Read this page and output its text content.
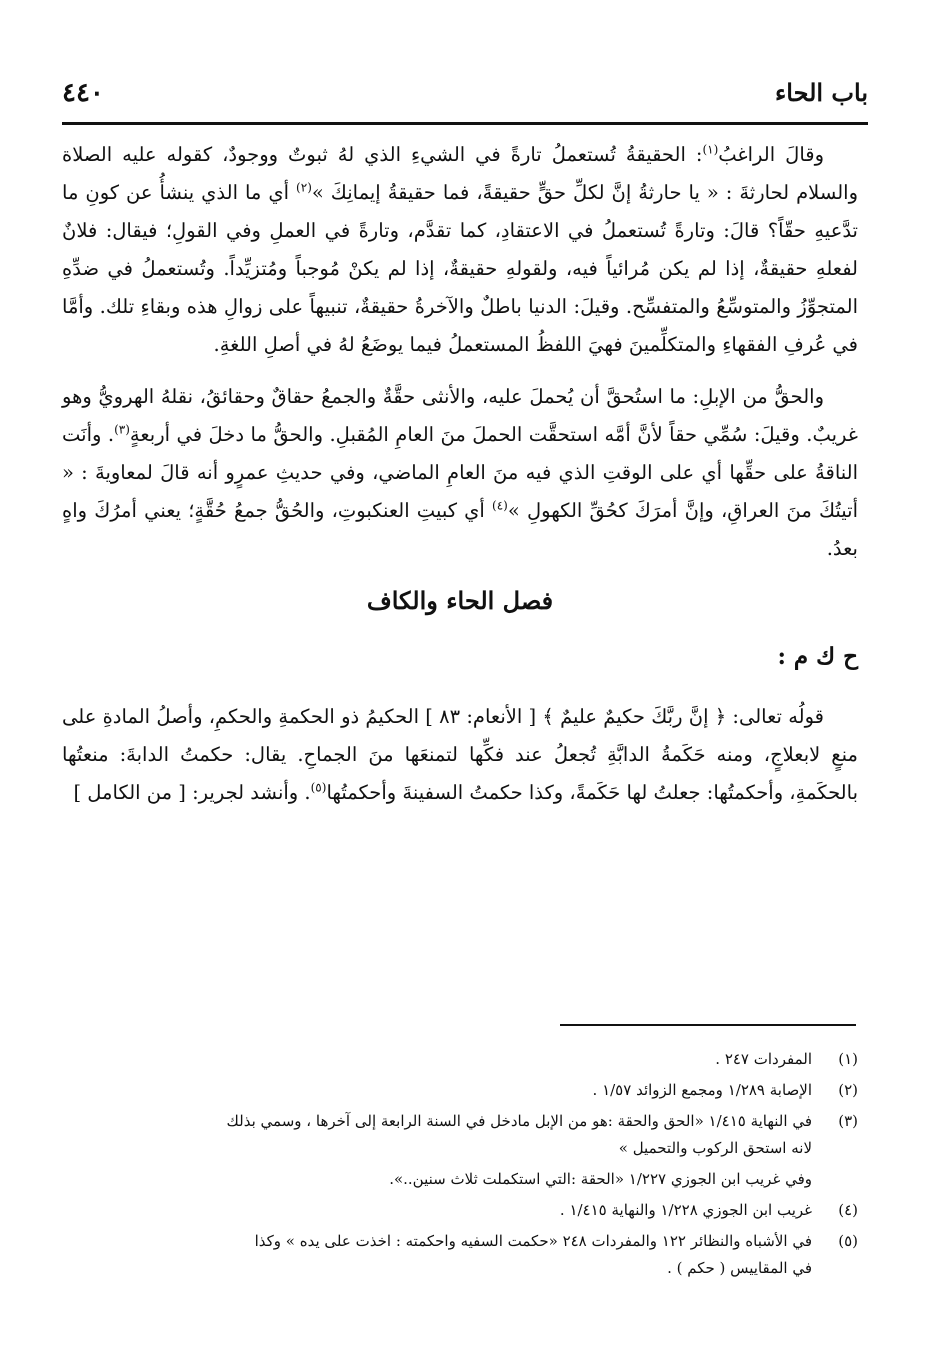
باب الحاء
٤٤٠

وقالَ الراغبُ$^{(١)}$: الحقيقةُ تُستعملُ تارةً في الشيءِ الذي لهُ ثبوتٌ ووجودٌ، كقوله عليه الصلاة والسلام لحارثةَ : « يا حارثةُ إنَّ لكلِّ حقٍّ حقيقةً، فما حقيقةُ إيمانِكَ »$^{(٢)}$ أي ما الذي ينشأُ عن كونِ ما تدَّعيهِ حقّاً؟ قالَ: وتارةً تُستعملُ في الاعتقادِ، كما تقدَّم، وتارةً في العملِ وفي القولِ؛ فيقال: فلانٌ لفعلهِ حقيقةٌ، إذا لم يكن مُرائياً فيه، ولقولهِ حقيقةٌ، إذا لم يكنْ مُوجباً ومُتزيِّداً. وتُستعملُ في ضدِّهِ المتجوِّزُ والمتوسِّعُ والمتفسِّح. وقيلَ: الدنيا باطلٌ والآخرةُ حقيقةٌ، تنبيهاً على زوالِ هذه وبقاءِ تلك. وأمَّا في عُرفِ الفقهاءِ والمتكلِّمينَ فهيَ اللفظُ المستعملُ فيما يوضَعُ لهُ في أصلِ اللغةِ.

والحقُّ من الإبلِ: ما استُحقَّ أن يُحملَ عليه، والأنثى حقَّةٌ والجمعُ حقاقٌ وحقائقُ، نقلهُ الهرويُّ وهو غريبٌ. وقيلَ: سُمِّي حقاً لأنَّ أمَّه استحقَّت الحملَ منَ العامِ المُقبلِ. والحقُّ ما دخلَ في أربعةٍ$^{(٣)}$. وأنَت الناقةُ على حقِّها أي على الوقتِ الذي فيه منَ العامِ الماضي، وفي حديثِ عمرٍو أنه قالَ لمعاويةَ : « أتيتُكَ منَ العراقِ، وإنَّ أمرَكَ كحُقِّ الكهولِ »$^{(٤)}$ أي كبيتِ العنكبوتِ، والحُقُّ جمعُ حُقَّةٍ؛ يعني أمرُكَ واهٍ بعدُ.

فصل الحاء والكاف
ح ك م :

قولُه تعالى: ﴿ إنَّ ربَّكَ حكيمٌ عليمٌ ﴾ [ الأنعام: ٨٣ ] الحكيمُ ذو الحكمةِ والحكمِ، وأصلُ المادةِ على منعٍ لابعلاجٍ، ومنه حَكَمةُ الدابَّةِ تُجعلُ عند فكِّها لتمنعَها منَ الجماحِ. يقال: حكمتُ الدابةَ: منعتُها بالحكَمةِ، وأحكمتُها: جعلتُ لها حَكَمةً، وكذا حكمتُ السفينةَ وأحكمتُها$^{(٥)}$. وأنشد لجرير: [ من الكامل ]

(١)
المفردات ٢٤٧ .
(٢)
الإصابة ١/٢٨٩ ومجمع الزوائد ١/٥٧ .
(٣)
في النهاية ١/٤١٥ «الحق والحقة :هو من الإبل مادخل في السنة الرابعة إلى آخرها ، وسمي بذلك
لانه استحق الركوب والتحميل »
وفي غريب ابن الجوزي ١/٢٢٧ «الحقة :التي استكملت ثلاث سنين..».
(٤)
غريب ابن الجوزي ١/٢٢٨ والنهاية ١/٤١٥ .
(٥)
في الأشباه والنظائر ١٢٢ والمفردات ٢٤٨ «حكمت السفيه واحكمته : اخذت على يده » وكذا
في المقاييس ( حكم ) .
